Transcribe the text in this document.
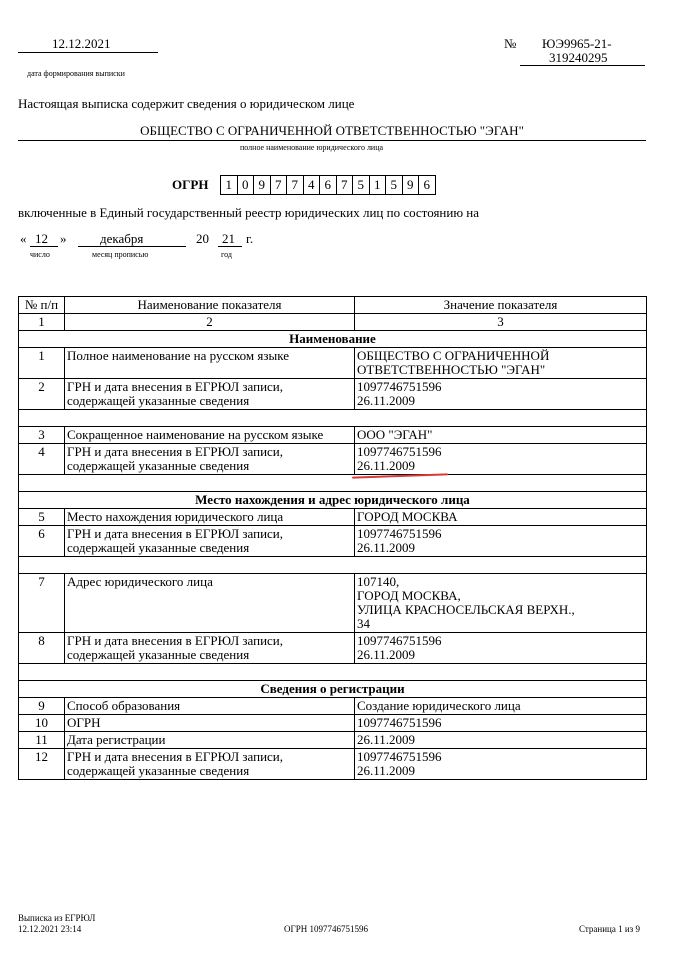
12.12.2021
дата формирования выписки
№ ЮЭ9965-21-
319240295
Настоящая выписка содержит сведения о юридическом лице
ОБЩЕСТВО С ОГРАНИЧЕННОЙ ОТВЕТСТВЕННОСТЬЮ "ЭГАН"
полное наименование юридического лица
ОГРН	1 0 9 7 7 4 6 7 5 1 5 9 6
включенные в Единый государственный реестр юридических лиц по состоянию на
« 12 »	декабря	20 21 г.
число	месяц прописью	год
№ п/п	Наименование показателя	Значение показателя
1	2	3
Наименование		
1	Полное наименование на русском языке	ОБЩЕСТВО С ОГРАНИЧЕННОЙ ОТВЕТСТВЕННОСТЬЮ "ЭГАН"
2	ГРН и дата внесения в ЕГРЮЛ записи, содержащей указанные сведения	1097746751596
26.11.2009

3	Сокращенное наименование на русском языке	ООО "ЭГАН"
4	ГРН и дата внесения в ЕГРЮЛ записи, содержащей указанные сведения	1097746751596
26.11.2009

Место нахождения и адрес юридического лица		
5	Место нахождения юридического лица	ГОРОД МОСКВА
6	ГРН и дата внесения в ЕГРЮЛ записи, содержащей указанные сведения	1097746751596
26.11.2009

7	Адрес юридического лица	107140,
ГОРОД МОСКВА,
УЛИЦА КРАСНОСЕЛЬСКАЯ ВЕРХН.,
34

8	ГРН и дата внесения в ЕГРЮЛ записи, содержащей указанные сведения	1097746751596
26.11.2009

Сведения о регистрации		
9	Способ образования	Создание юридического лица
10	ОГРН	1097746751596
11	Дата регистрации	26.11.2009
12	ГРН и дата внесения в ЕГРЮЛ записи, содержащей указанные сведения	1097746751596
26.11.2009
Выписка из ЕГРЮЛ
12.12.2021 23:14	ОГРН 1097746751596	Страница 1 из 9
